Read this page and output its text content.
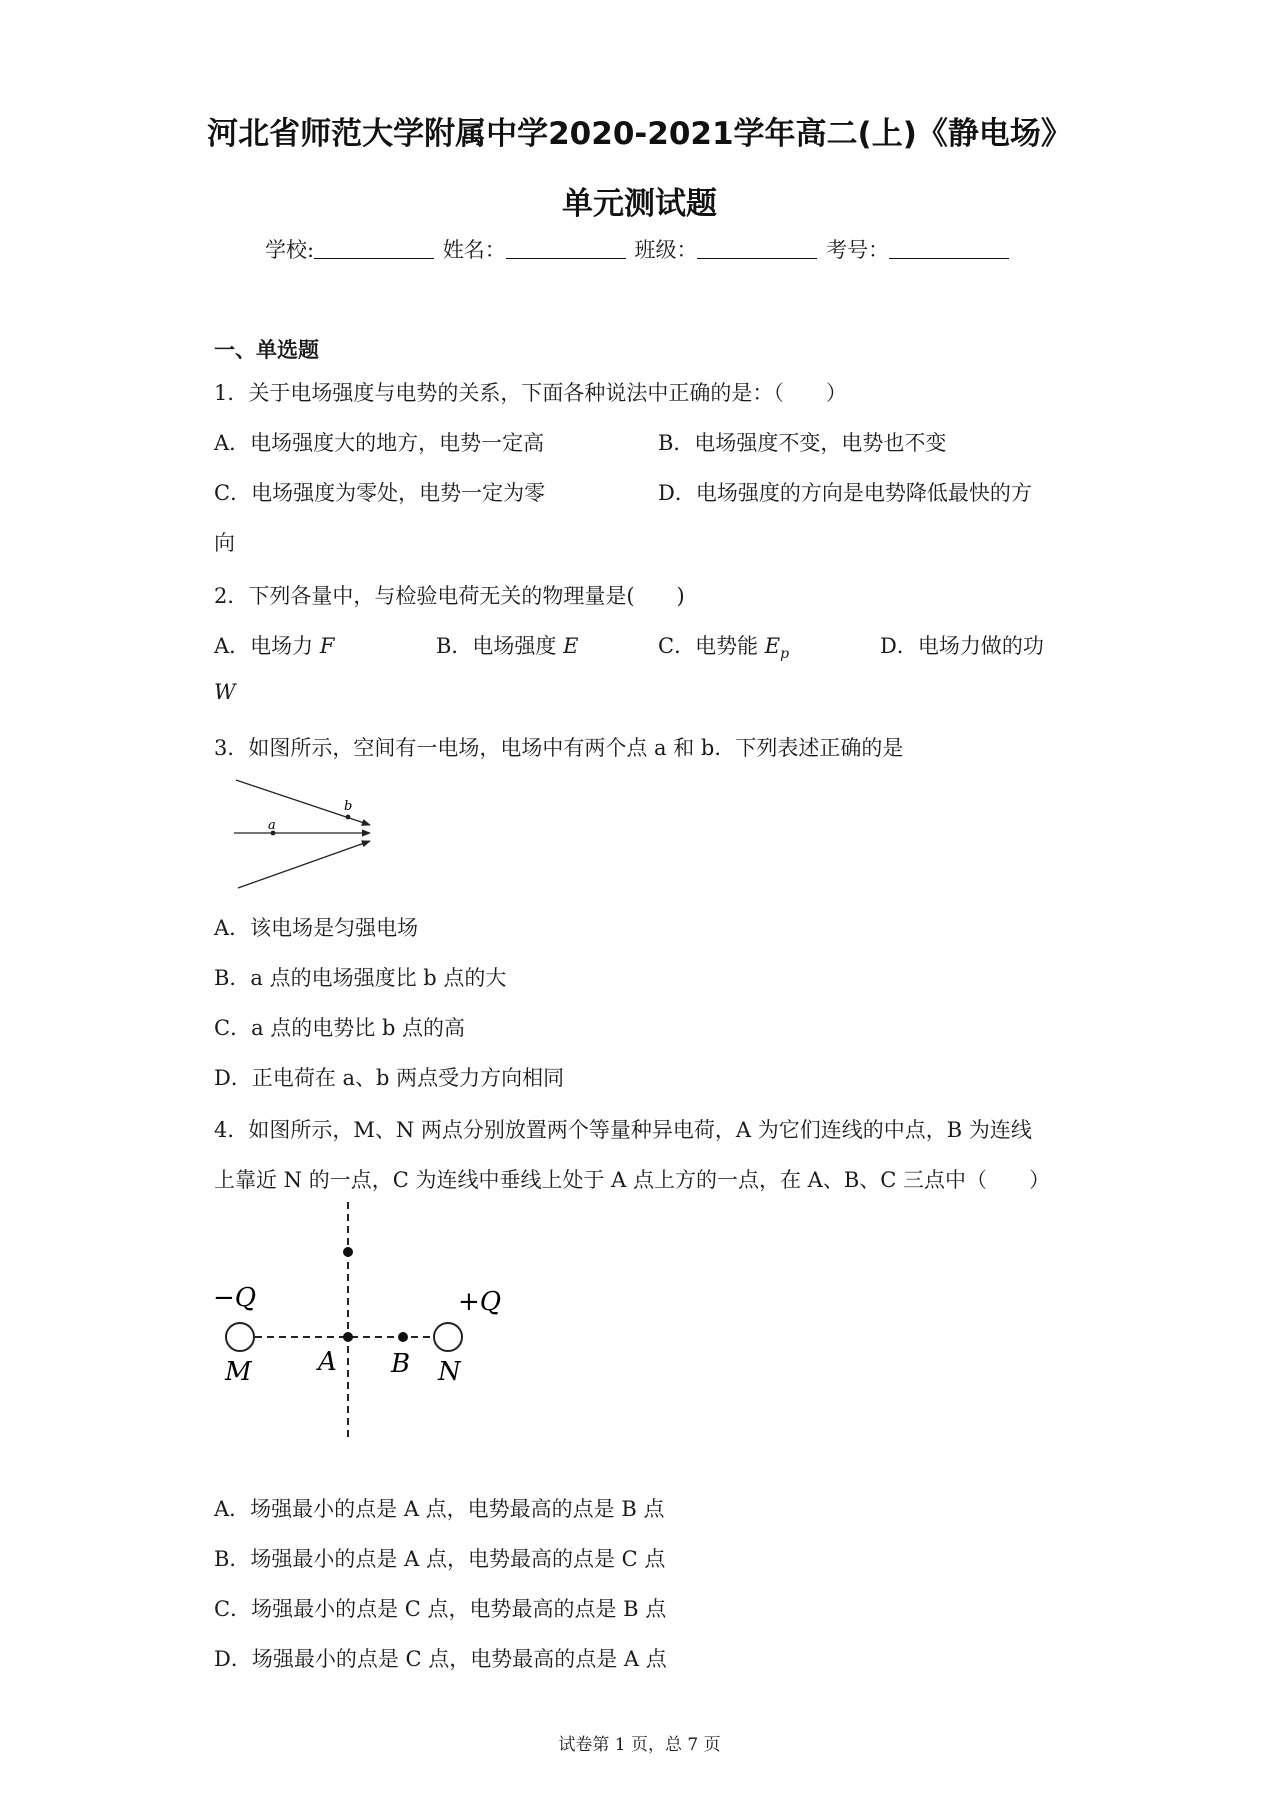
河北省师范大学附属中学2020-2021学年高二(上)《静电场》
单元测试题
学校:	姓名：	班级：	考号：
一、单选题
1．关于电场强度与电势的关系，下面各种说法中正确的是：（　　）
A．电场强度大的地方，电势一定高	B．电场强度不变，电势也不变
C．电场强度为零处，电势一定为零	D．电场强度的方向是电势降低最快的方
向
2．下列各量中，与检验电荷无关的物理量是(　　)
A．电场力 F	B．电场强度 E	C．电势能 $E_p$	D．电场力做的功
W
3．如图所示，空间有一电场，电场中有两个点 a 和 b．下列表述正确的是
b
a
A．该电场是匀强电场
B．a 点的电场强度比 b 点的大
C．a 点的电势比 b 点的高
D．正电荷在 a、b 两点受力方向相同
4．如图所示，M、N 两点分别放置两个等量种异电荷，A 为它们连线的中点，B 为连线
上靠近 N 的一点，C 为连线中垂线上处于 A 点上方的一点，在 A、B、C 三点中（　　）
−Q	+Q
M	A B N
A．场强最小的点是 A 点，电势最高的点是 B 点
B．场强最小的点是 A 点，电势最高的点是 C 点
C．场强最小的点是 C 点，电势最高的点是 B 点
D．场强最小的点是 C 点，电势最高的点是 A 点
试卷第 1 页，总 7 页
